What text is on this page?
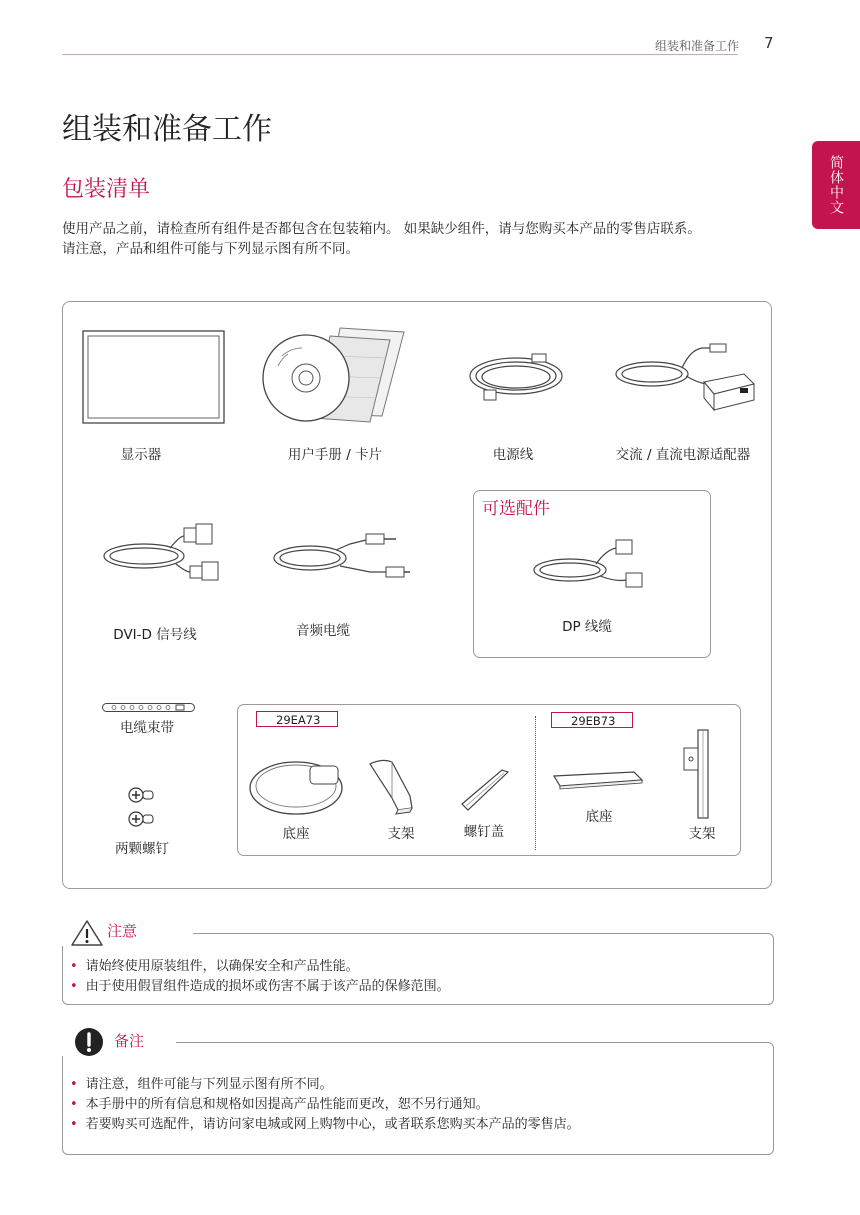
组装和准备工作 7
简体中文
组装和准备工作
包装清单
使用产品之前，请检查所有组件是否都包含在包装箱内。 如果缺少组件，请与您购买本产品的零售店联系。
请注意，产品和组件可能与下列显示图有所不同。
显示器	用户手册 / 卡片	电源线	交流 / 直流电源适配器
DVI-D 信号线	音频电缆
可选配件
DP 线缆
电缆束带
两颗螺钉
29EA73	29EB73
底座	支架	螺钉盖
底座
支架
注意
• 请始终使用原装组件，以确保安全和产品性能。
• 由于使用假冒组件造成的损坏或伤害不属于该产品的保修范围。
备注
• 请注意，组件可能与下列显示图有所不同。
• 本手册中的所有信息和规格如因提高产品性能而更改，恕不另行通知。
• 若要购买可选配件，请访问家电城或网上购物中心，或者联系您购买本产品的零售店。
